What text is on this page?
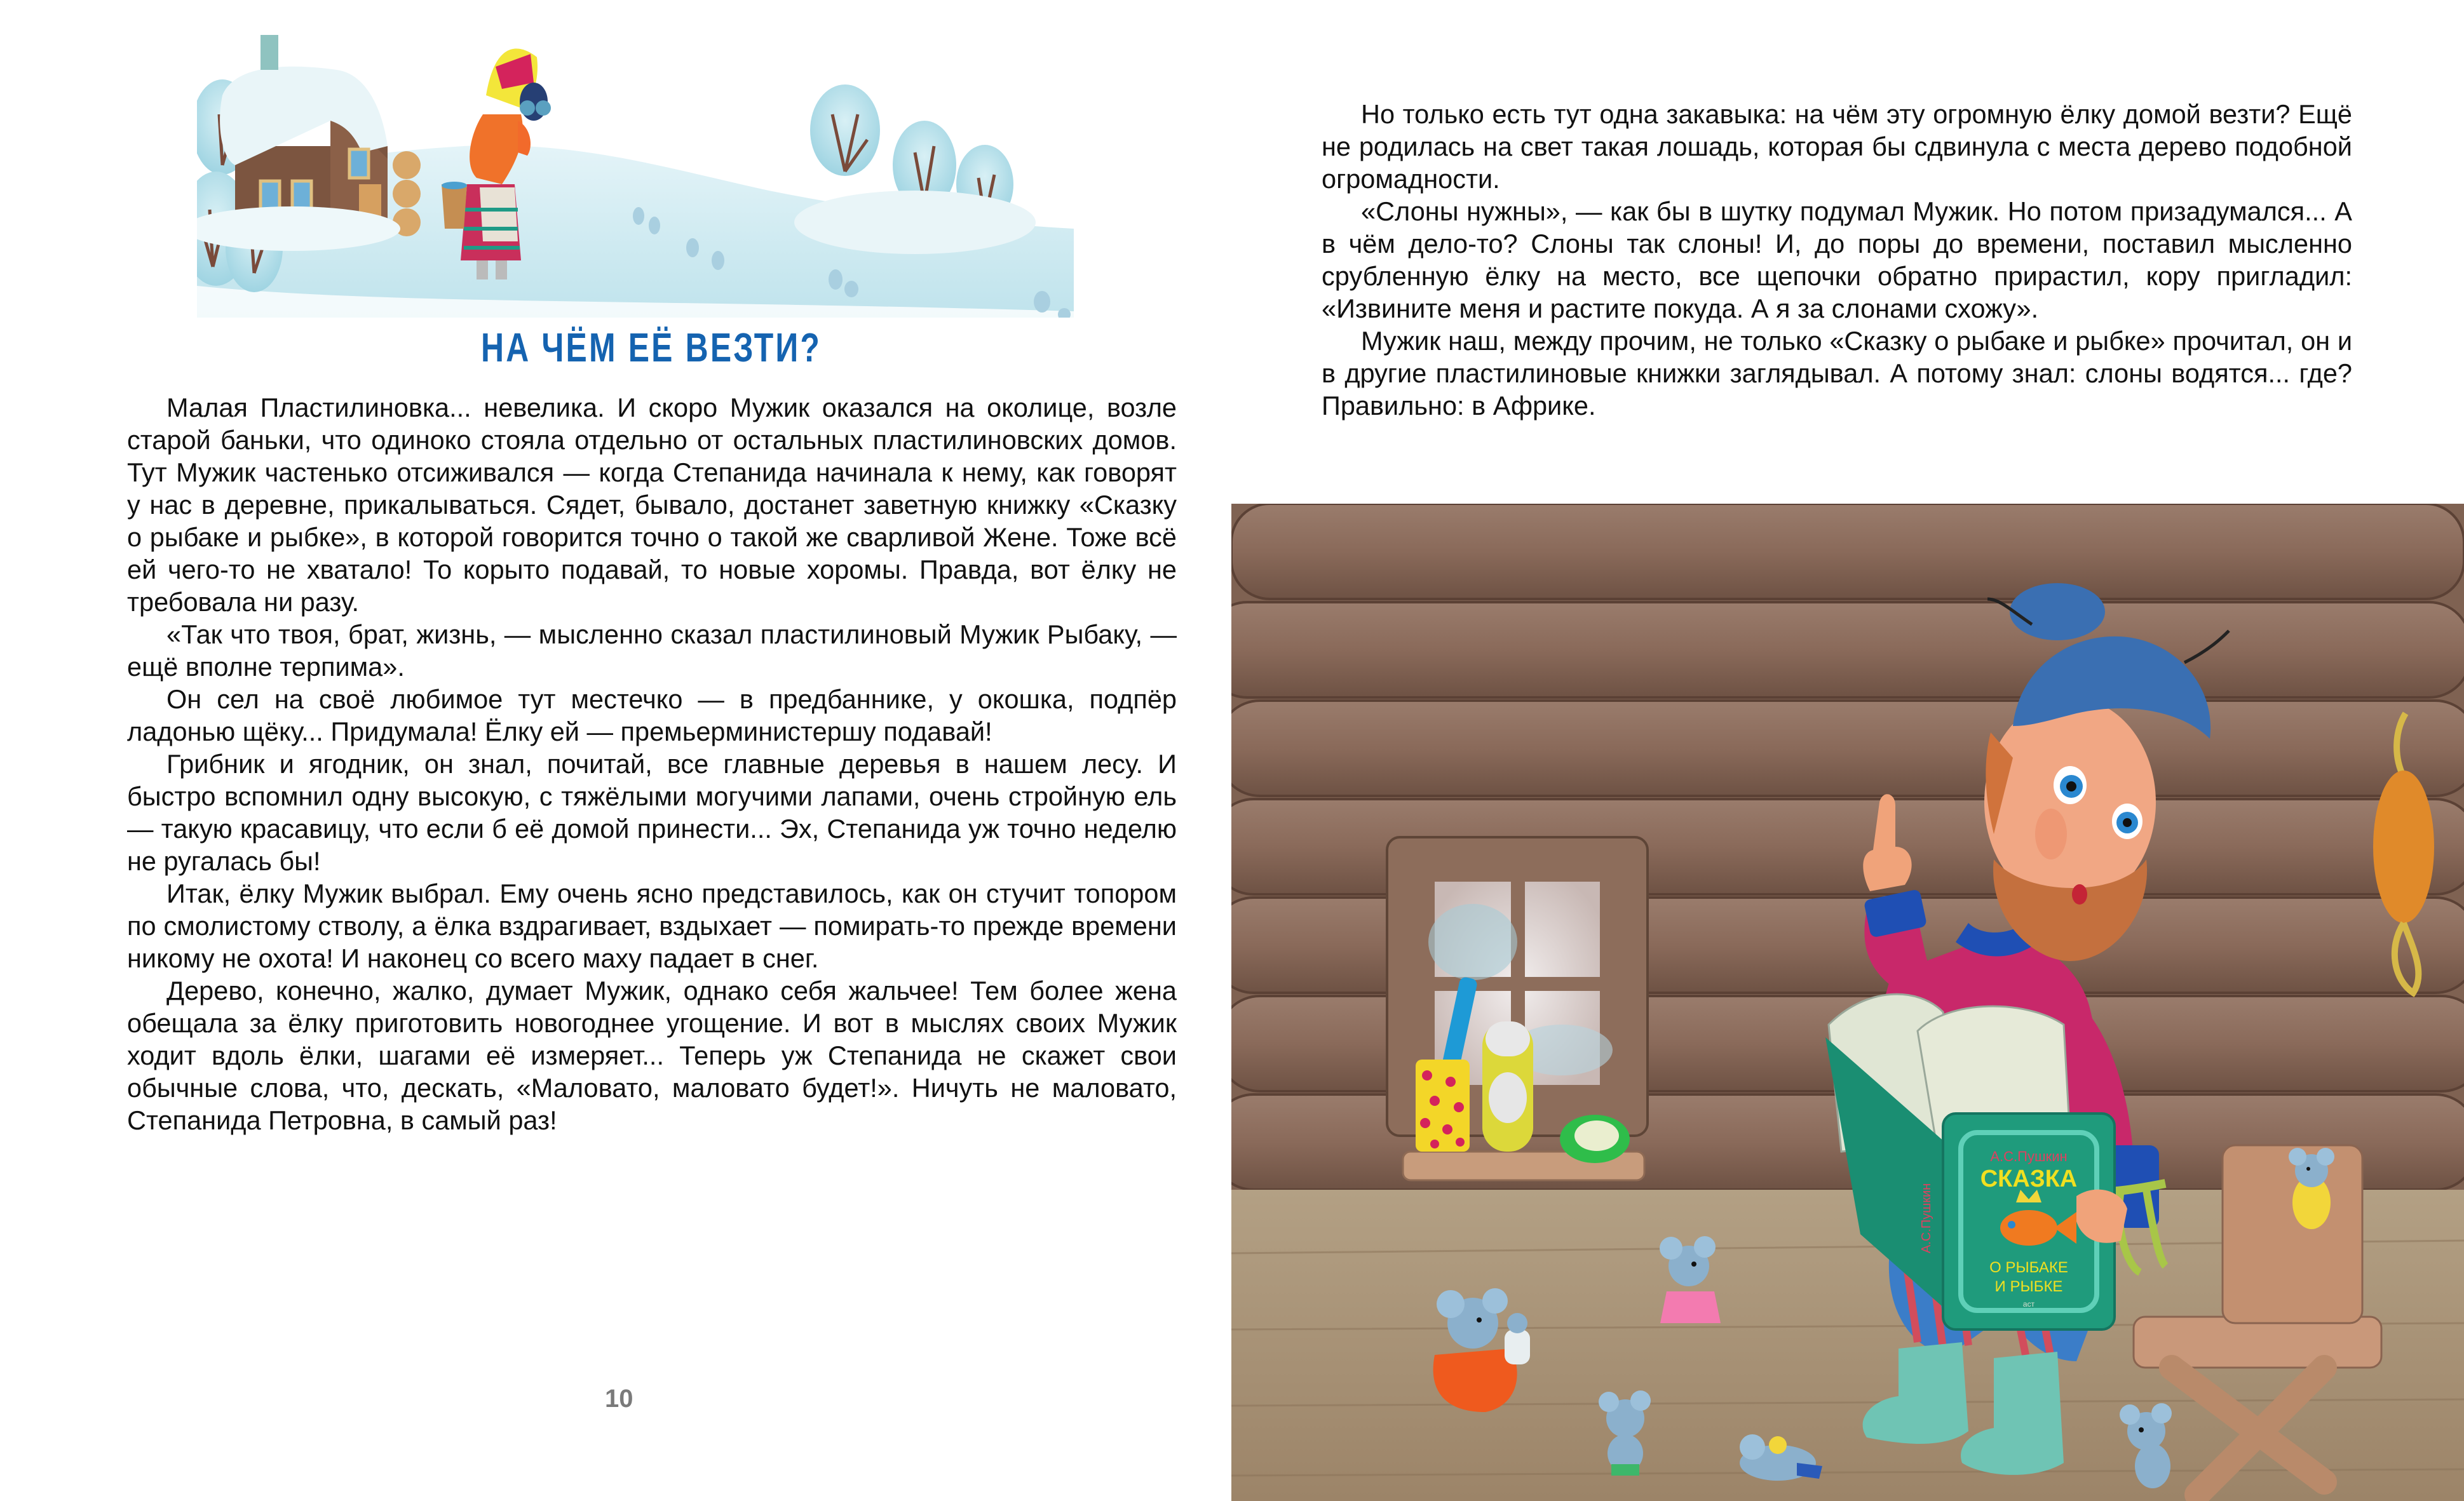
НА ЧЁМ ЕЁ ВЕЗТИ?

Малая Пластилиновка... невелика. И скоро Мужик оказался на околице, возле старой баньки, что одиноко стояла отдельно от остальных пластилиновских домов. Тут Мужик частенько отсиживался — когда Степанида начинала к нему, как говорят у нас в деревне, прикалываться. Сядет, бывало, достанет заветную книжку «Сказку о рыбаке и рыбке», в которой говорится точно о такой же сварливой Жене. Тоже всё ей чего-то не хватало! То корыто подавай, то новые хоромы. Правда, вот ёлку не требовала ни разу.

«Так что твоя, брат, жизнь, — мысленно сказал пластилиновый Мужик Рыбаку, — ещё вполне терпима».

Он сел на своё любимое тут местечко — в предбаннике, у окошка, подпёр ладонью щёку... Придумала! Ёлку ей — премьерминистершу подавай!

Грибник и ягодник, он знал, почитай, все главные деревья в нашем лесу. И быстро вспомнил одну высокую, с тяжёлыми могучими лапами, очень стройную ель — такую красавицу, что если б её домой принести... Эх, Степанида уж точно неделю не ругалась бы!

Итак, ёлку Мужик выбрал. Ему очень ясно представилось, как он стучит топором по смолистому стволу, а ёлка вздрагивает, вздыхает — помирать-то прежде времени никому не охота! И наконец со всего маху падает в снег.

Дерево, конечно, жалко, думает Мужик, однако себя жальчее! Тем более жена обещала за ёлку приготовить новогоднее угощение. И вот в мыслях своих Мужик ходит вдоль ёлки, шагами её измеряет... Теперь уж Степанида не скажет свои обычные слова, что, дескать, «Маловато, маловато будет!». Ничуть не маловато, Степанида Петровна, в самый раз!

10

Но только есть тут одна закавыка: на чём эту огромную ёлку домой везти? Ещё не родилась на свет такая лошадь, которая бы сдвинула с места дерево подобной огромадности.

«Слоны нужны», — как бы в шутку подумал Мужик. Но потом призадумался... А в чём дело-то? Слоны так слоны! И, до поры до времени, поставил мысленно срубленную ёлку на место, все щепочки обратно прирастил, кору пригладил: «Извините меня и растите покуда. А я за слонами схожу».

Мужик наш, между прочим, не только «Сказку о рыбаке и рыбке» прочитал, он и в другие пластилиновые книжки заглядывал. А потому знал: слоны водятся... где? Правильно: в Африке.

А.С.Пушкин
СКАЗКА
О РЫБАКЕ
И РЫБКЕ
аст
А.С.Пушкин
